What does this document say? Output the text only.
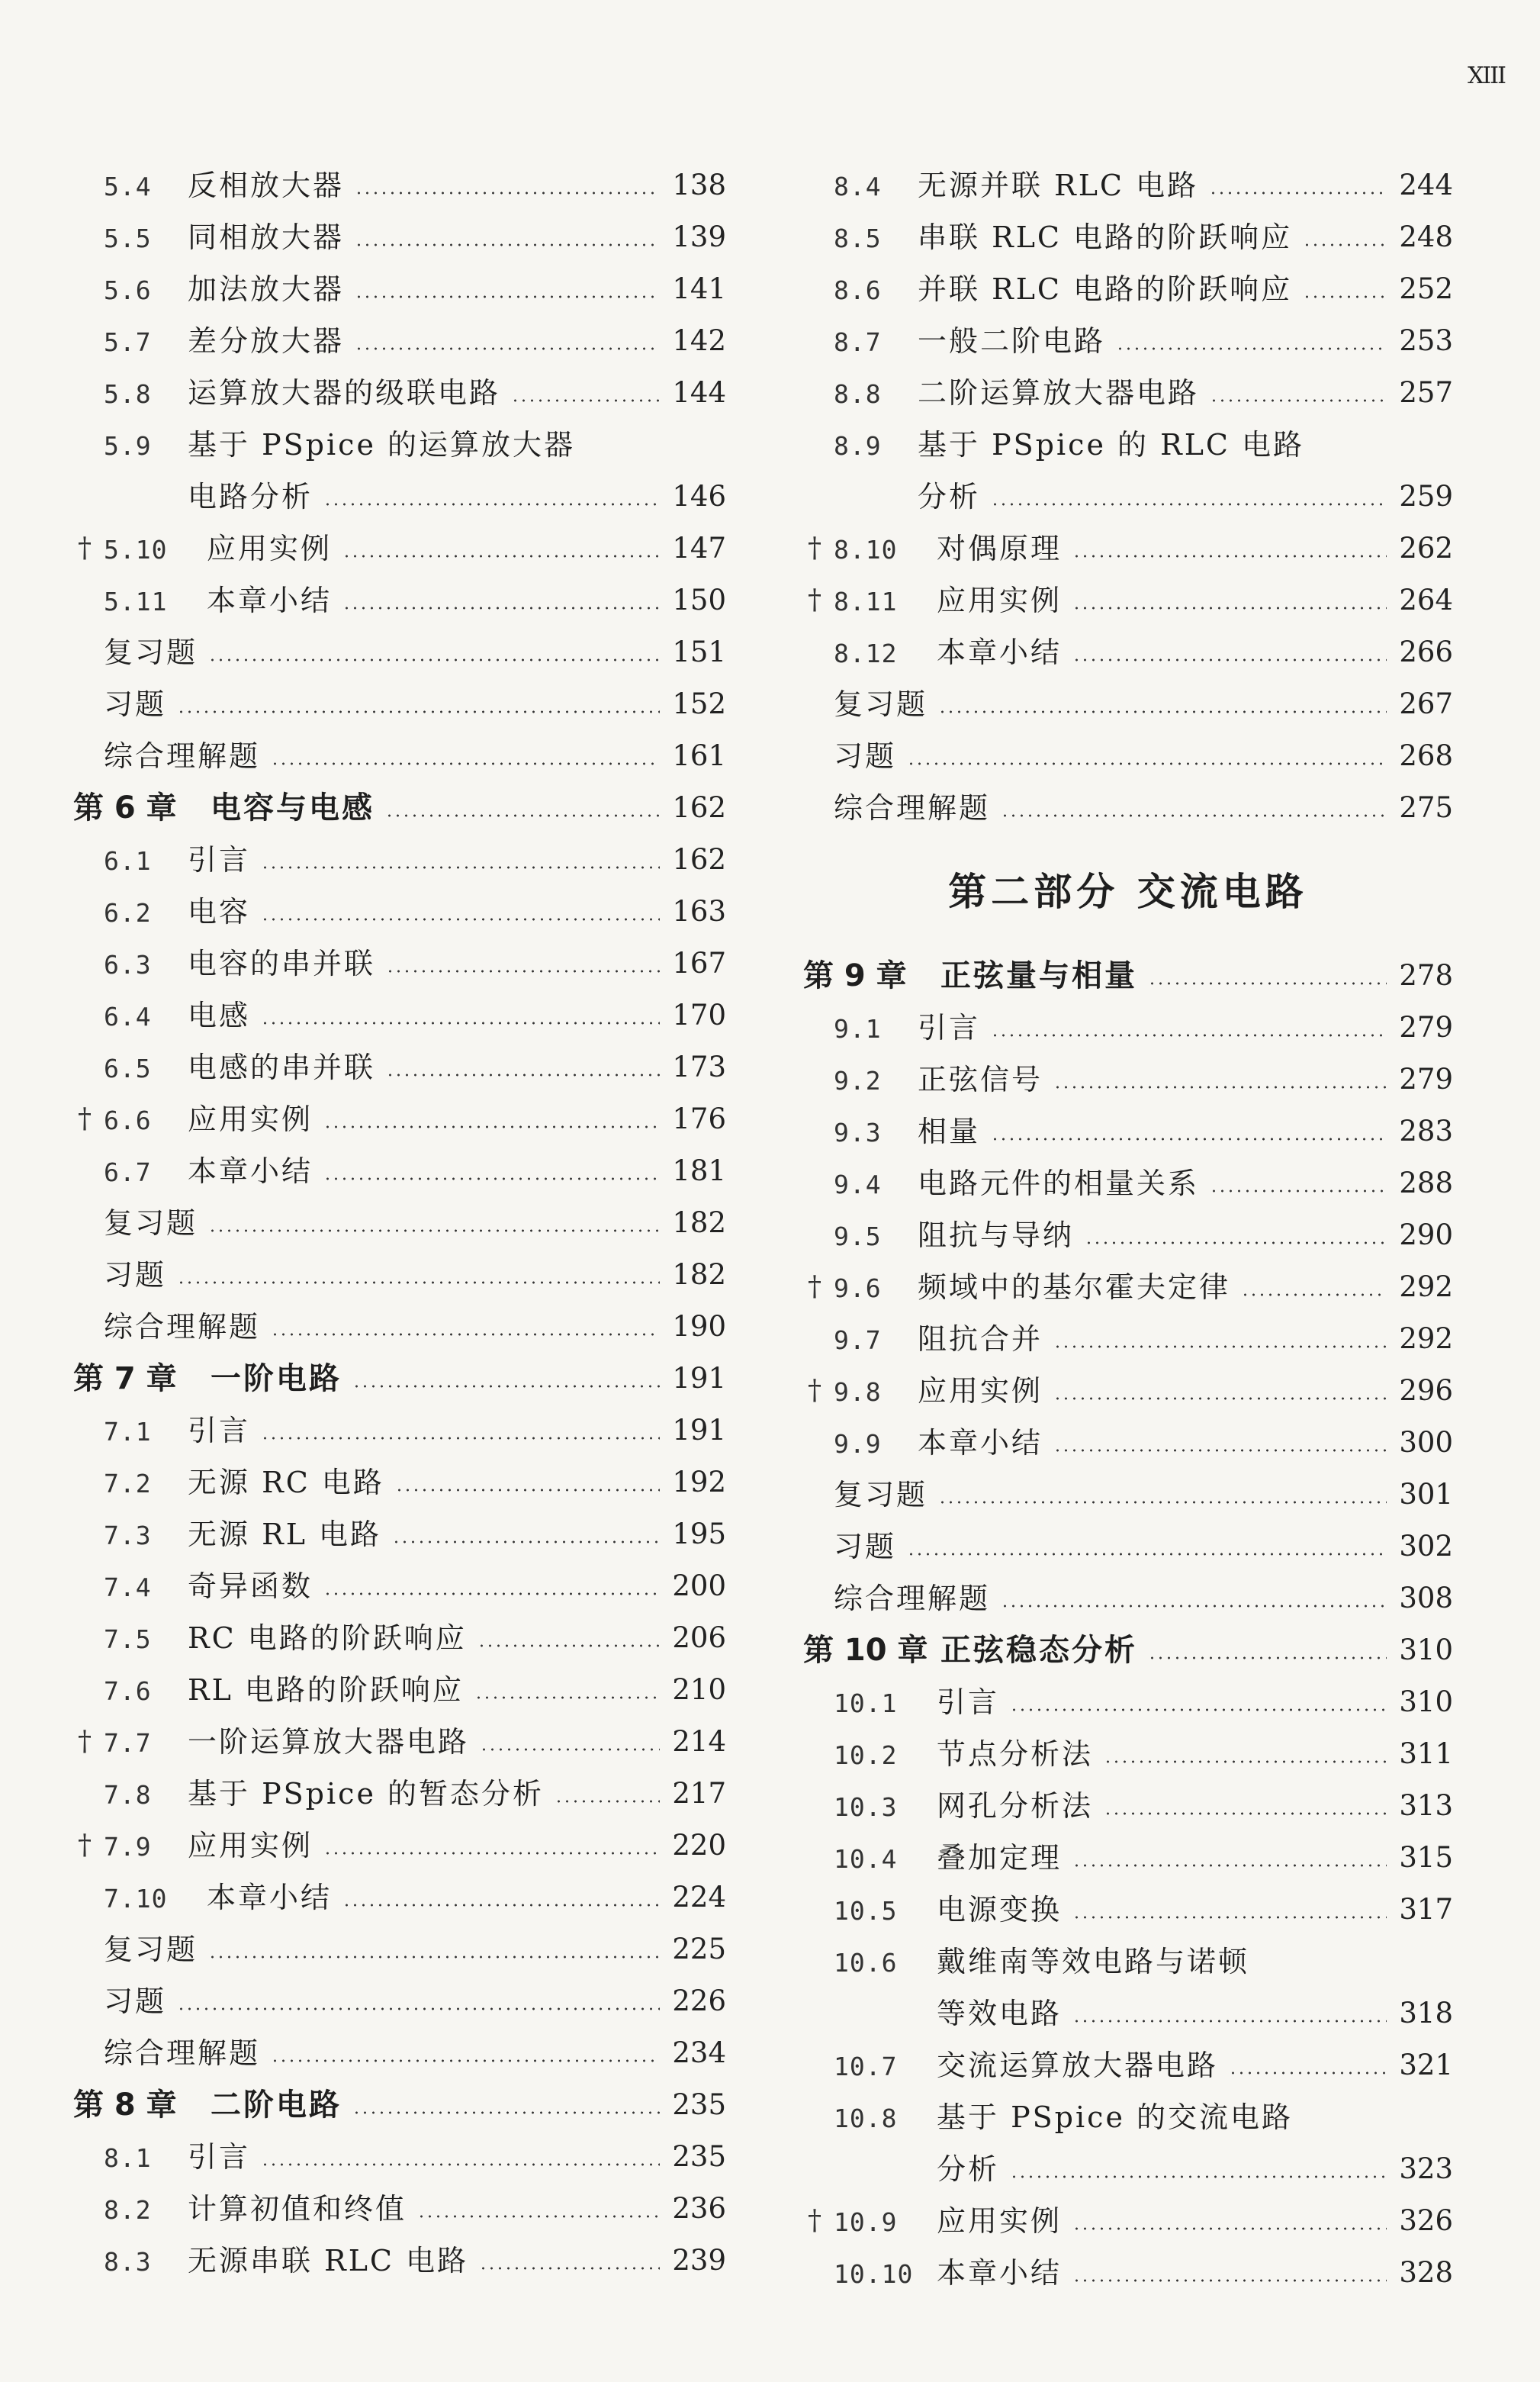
XIII
5.4 反相放大器	138
5.5 同相放大器	139
5.6 加法放大器	141
5.7 差分放大器	142
5.8 运算放大器的级联电路	144
5.9 基于 PSpice 的运算放大器
电路分析	146
† 5.10 应用实例	147
5.11 本章小结	150
复习题	151
习题	152
综合理解题	161
第 6 章 电容与电感	162
6.1 引言	162
6.2 电容	163
6.3 电容的串并联	167
6.4 电感	170
6.5 电感的串并联	173
† 6.6 应用实例	176
6.7 本章小结	181
复习题	182
习题	182
综合理解题	190
第 7 章 一阶电路	191
7.1 引言	191
7.2 无源 RC 电路	192
7.3 无源 RL 电路	195
7.4 奇异函数	200
7.5 RC 电路的阶跃响应	206
7.6 RL 电路的阶跃响应	210
† 7.7 一阶运算放大器电路	214
7.8 基于 PSpice 的暂态分析	217
† 7.9 应用实例	220
7.10 本章小结	224
复习题	225
习题	226
综合理解题	234
第 8 章 二阶电路	235
8.1 引言	235
8.2 计算初值和终值	236
8.3 无源串联 RLC 电路	239
8.4 无源并联 RLC 电路	244
8.5 串联 RLC 电路的阶跃响应	248
8.6 并联 RLC 电路的阶跃响应	252
8.7 一般二阶电路	253
8.8 二阶运算放大器电路	257
8.9 基于 PSpice 的 RLC 电路
分析	259
† 8.10 对偶原理	262
† 8.11 应用实例	264
8.12 本章小结	266
复习题	267
习题	268
综合理解题	275
第二部分 交流电路
第 9 章 正弦量与相量	278
9.1 引言	279
9.2 正弦信号	279
9.3 相量	283
9.4 电路元件的相量关系	288
9.5 阻抗与导纳	290
† 9.6 频域中的基尔霍夫定律	292
9.7 阻抗合并	292
† 9.8 应用实例	296
9.9 本章小结	300
复习题	301
习题	302
综合理解题	308
第 10 章 正弦稳态分析	310
10.1 引言	310
10.2 节点分析法	311
10.3 网孔分析法	313
10.4 叠加定理	315
10.5 电源变换	317
10.6 戴维南等效电路与诺顿
等效电路	318
10.7 交流运算放大器电路	321
10.8 基于 PSpice 的交流电路
分析	323
† 10.9 应用实例	326
10.10 本章小结	328
